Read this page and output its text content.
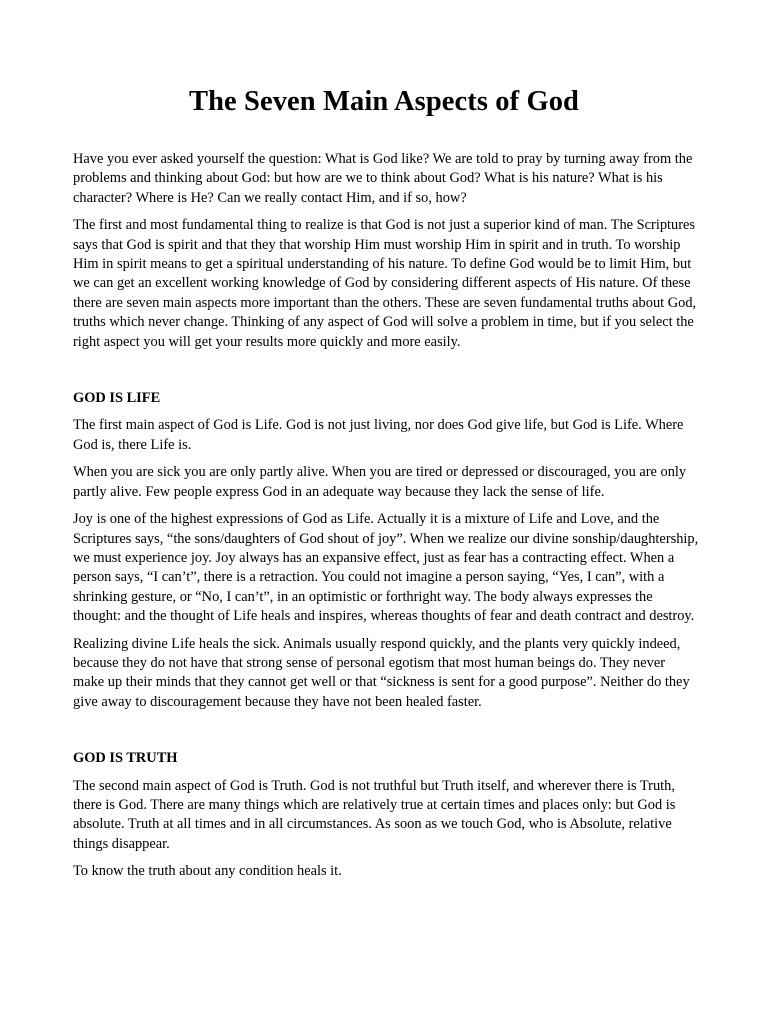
The Seven Main Aspects of God

Have you ever asked yourself the question: What is God like? We are told to pray by turning away from the problems and thinking about God: but how are we to think about God? What is his nature? What is his character? Where is He? Can we really contact Him, and if so, how?

The first and most fundamental thing to realize is that God is not just a superior kind of man. The Scriptures says that God is spirit and that they that worship Him must worship Him in spirit and in truth. To worship Him in spirit means to get a spiritual understanding of his nature. To define God would be to limit Him, but we can get an excellent working knowledge of God by considering different aspects of His nature. Of these there are seven main aspects more important than the others. These are seven fundamental truths about God, truths which never change. Thinking of any aspect of God will solve a problem in time, but if you select the right aspect you will get your results more quickly and more easily.

GOD IS LIFE

The first main aspect of God is Life. God is not just living, nor does God give life, but God is Life. Where God is, there Life is.

When you are sick you are only partly alive. When you are tired or depressed or discouraged, you are only partly alive. Few people express God in an adequate way because they lack the sense of life.

Joy is one of the highest expressions of God as Life. Actually it is a mixture of Life and Love, and the Scriptures says, “the sons/daughters of God shout of joy”. When we realize our divine sonship/daughtership, we must experience joy. Joy always has an expansive effect, just as fear has a contracting effect. When a person says, “I can’t”, there is a retraction. You could not imagine a person saying, “Yes, I can”, with a shrinking gesture, or “No, I can’t”, in an optimistic or forthright way. The body always expresses the thought: and the thought of Life heals and inspires, whereas thoughts of fear and death contract and destroy.

Realizing divine Life heals the sick. Animals usually respond quickly, and the plants very quickly indeed, because they do not have that strong sense of personal egotism that most human beings do. They never make up their minds that they cannot get well or that “sickness is sent for a good purpose”. Neither do they give away to discouragement because they have not been healed faster.

GOD IS TRUTH

The second main aspect of God is Truth. God is not truthful but Truth itself, and wherever there is Truth, there is God. There are many things which are relatively true at certain times and places only: but God is absolute. Truth at all times and in all circumstances. As soon as we touch God, who is Absolute, relative things disappear.

To know the truth about any condition heals it.
